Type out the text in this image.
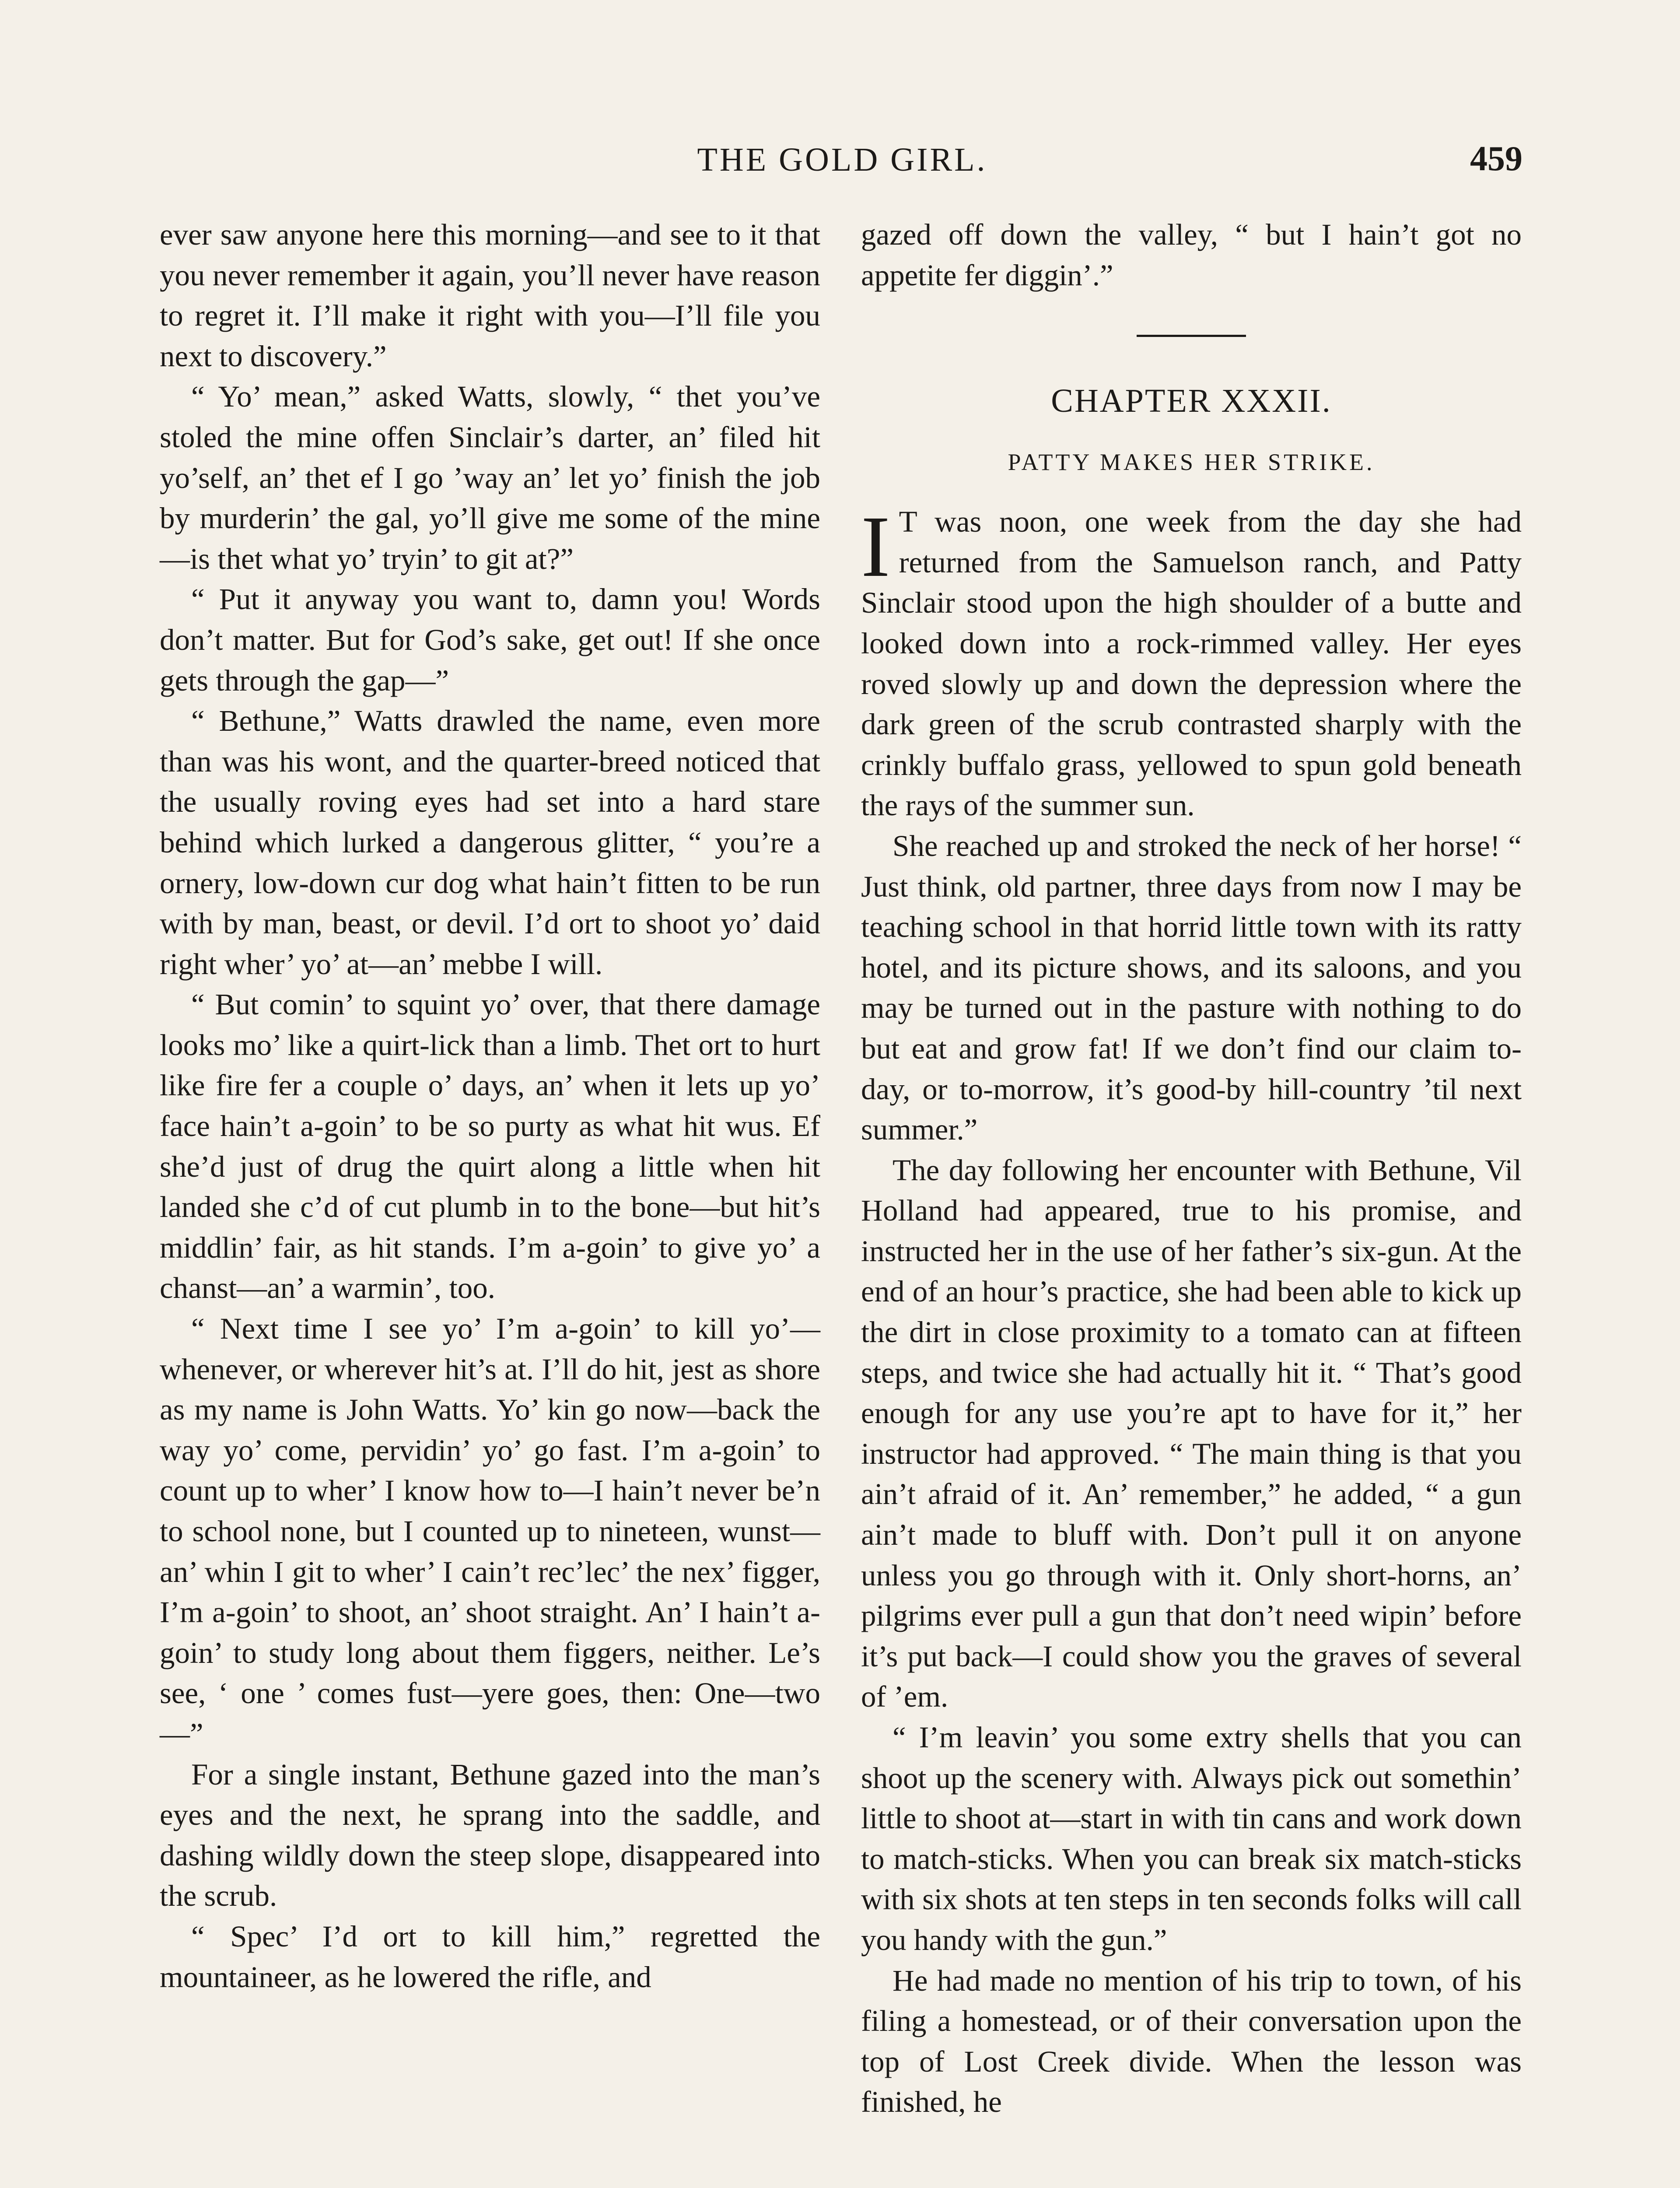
THE GOLD GIRL.	459

ever saw anyone here this morning—and see to it that you never remember it again, you’ll never have reason to regret it. I’ll make it right with you—I’ll file you next to discovery.”

“ Yo’ mean,” asked Watts, slowly, “ thet you’ve stoled the mine offen Sinclair’s darter, an’ filed hit yo’self, an’ thet ef I go ’way an’ let yo’ finish the job by murderin’ the gal, yo’ll give me some of the mine—is thet what yo’ tryin’ to git at?”

“ Put it anyway you want to, damn you! Words don’t matter. But for God’s sake, get out! If she once gets through the gap—”

“ Bethune,” Watts drawled the name, even more than was his wont, and the quarter-breed noticed that the usually roving eyes had set into a hard stare behind which lurked a dangerous glitter, “ you’re a ornery, low-down cur dog what hain’t fitten to be run with by man, beast, or devil. I’d ort to shoot yo’ daid right wher’ yo’ at—an’ mebbe I will.

“ But comin’ to squint yo’ over, that there damage looks mo’ like a quirt-lick than a limb. Thet ort to hurt like fire fer a couple o’ days, an’ when it lets up yo’ face hain’t a-goin’ to be so purty as what hit wus. Ef she’d just of drug the quirt along a little when hit landed she c’d of cut plumb in to the bone—but hit’s middlin’ fair, as hit stands. I’m a-goin’ to give yo’ a chanst—an’ a warmin’, too.

“ Next time I see yo’ I’m a-goin’ to kill yo’—whenever, or wherever hit’s at. I’ll do hit, jest as shore as my name is John Watts. Yo’ kin go now—back the way yo’ come, pervidin’ yo’ go fast. I’m a-goin’ to count up to wher’ I know how to—I hain’t never be’n to school none, but I counted up to nineteen, wunst—an’ whin I git to wher’ I cain’t rec’lec’ the nex’ figger, I’m a-goin’ to shoot, an’ shoot straight. An’ I hain’t a-goin’ to study long about them figgers, neither. Le’s see, ‘ one ’ comes fust—yere goes, then: One—two—”

For a single instant, Bethune gazed into the man’s eyes and the next, he sprang into the saddle, and dashing wildly down the steep slope, disappeared into the scrub.

“ Spec’ I’d ort to kill him,” regretted the mountaineer, as he lowered the rifle, and

gazed off down the valley, “ but I hain’t got no appetite fer diggin’.”

CHAPTER XXXII.
PATTY MAKES HER STRIKE.

I T was noon, one week from the day she had returned from the Samuelson ranch, and Patty Sinclair stood upon the high shoulder of a butte and looked down into a rock-rimmed valley. Her eyes roved slowly up and down the depression where the dark green of the scrub contrasted sharply with the crinkly buffalo grass, yellowed to spun gold beneath the rays of the summer sun.

She reached up and stroked the neck of her horse! “ Just think, old partner, three days from now I may be teaching school in that horrid little town with its ratty hotel, and its picture shows, and its saloons, and you may be turned out in the pasture with nothing to do but eat and grow fat! If we don’t find our claim to-day, or to-morrow, it’s good-by hill-country ’til next summer.”

The day following her encounter with Bethune, Vil Holland had appeared, true to his promise, and instructed her in the use of her father’s six-gun. At the end of an hour’s practice, she had been able to kick up the dirt in close proximity to a tomato can at fifteen steps, and twice she had actually hit it. “ That’s good enough for any use you’re apt to have for it,” her instructor had approved. “ The main thing is that you ain’t afraid of it. An’ remember,” he added, “ a gun ain’t made to bluff with. Don’t pull it on anyone unless you go through with it. Only short-horns, an’ pilgrims ever pull a gun that don’t need wipin’ before it’s put back—I could show you the graves of several of ’em.

“ I’m leavin’ you some extry shells that you can shoot up the scenery with. Always pick out somethin’ little to shoot at—start in with tin cans and work down to match-sticks. When you can break six match-sticks with six shots at ten steps in ten seconds folks will call you handy with the gun.”

He had made no mention of his trip to town, of his filing a homestead, or of their conversation upon the top of Lost Creek divide. When the lesson was finished, he
